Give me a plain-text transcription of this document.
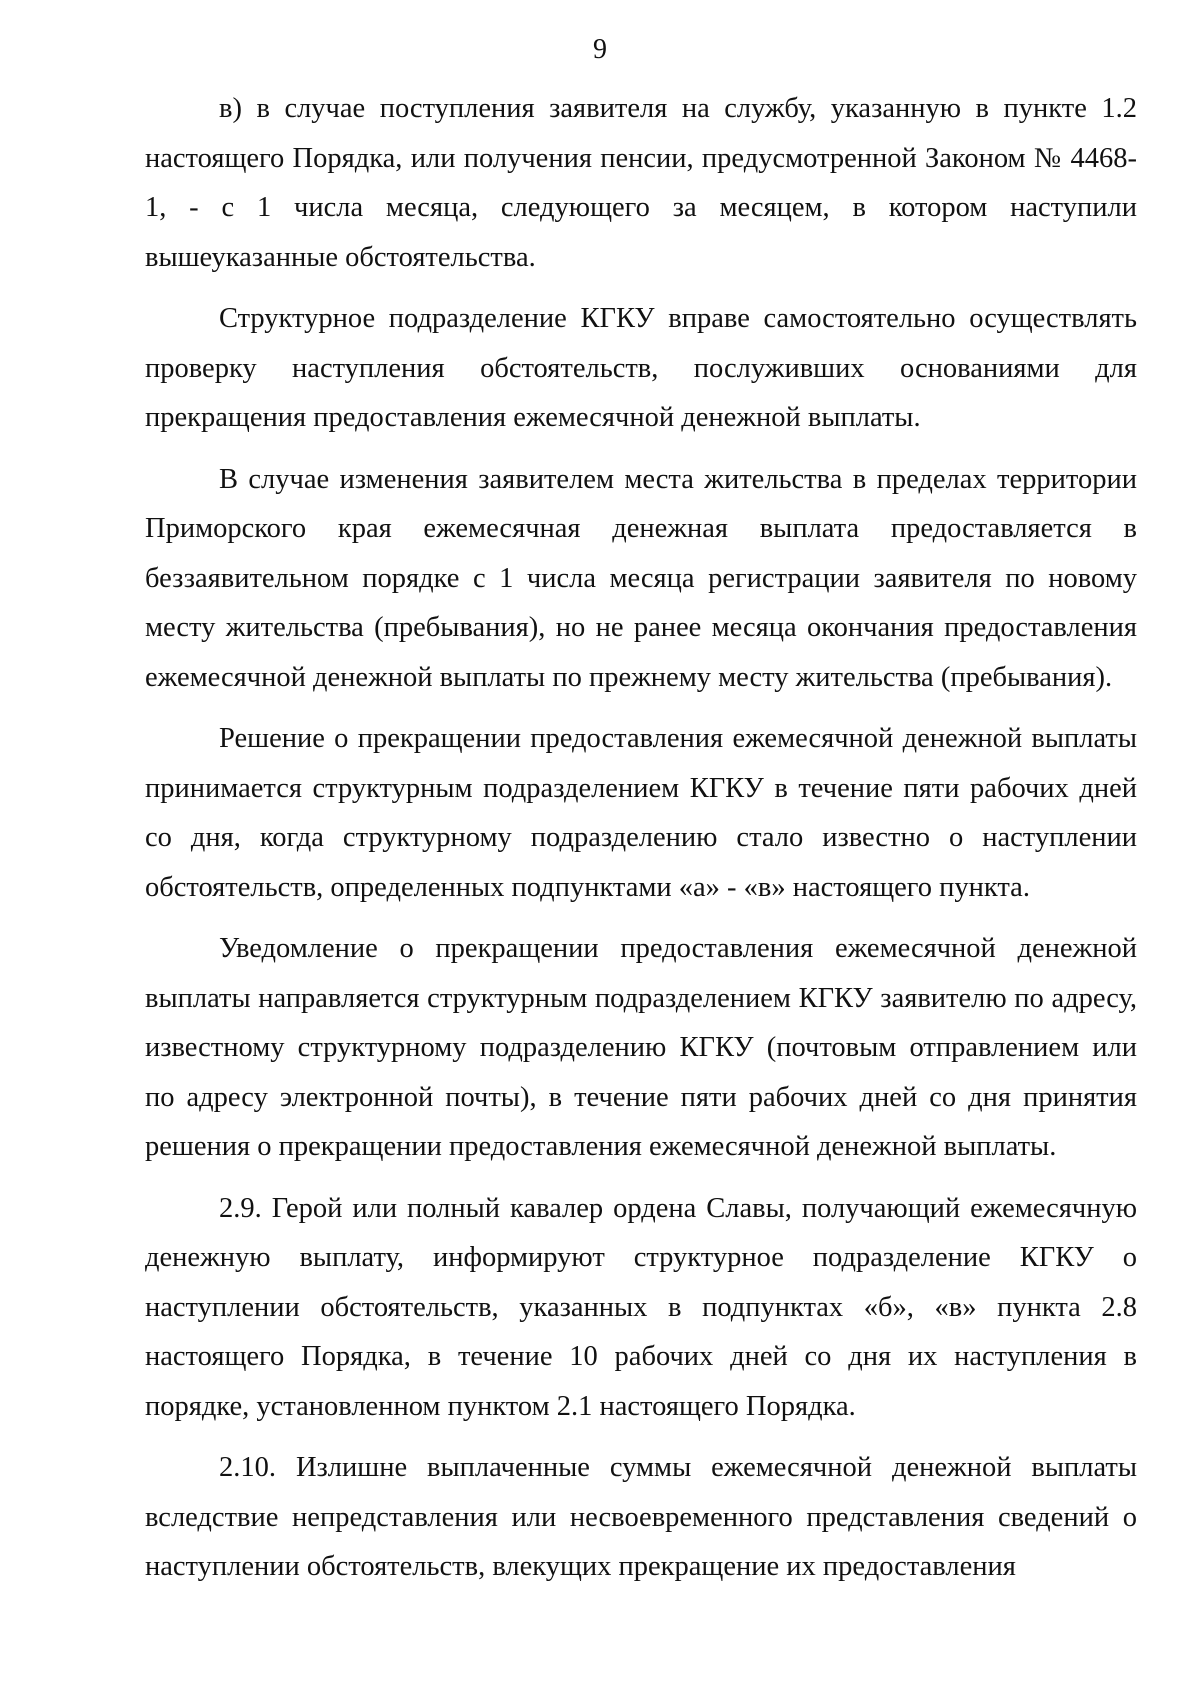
9

в) в случае поступления заявителя на службу, указанную в пункте 1.2 настоящего Порядка, или получения пенсии, предусмотренной Законом № 4468-1, - с 1 числа месяца, следующего за месяцем, в котором наступили вышеуказанные обстоятельства.

Структурное подразделение КГКУ вправе самостоятельно осуществлять проверку наступления обстоятельств, послуживших основаниями для прекращения предоставления ежемесячной денежной выплаты.

В случае изменения заявителем места жительства в пределах территории Приморского края ежемесячная денежная выплата предоставляется в беззаявительном порядке с 1 числа месяца регистрации заявителя по новому месту жительства (пребывания), но не ранее месяца окончания предоставления ежемесячной денежной выплаты по прежнему месту жительства (пребывания).

Решение о прекращении предоставления ежемесячной денежной выплаты принимается структурным подразделением КГКУ в течение пяти рабочих дней со дня, когда структурному подразделению стало известно о наступлении обстоятельств, определенных подпунктами «а» - «в» настоящего пункта.

Уведомление о прекращении предоставления ежемесячной денежной выплаты направляется структурным подразделением КГКУ заявителю по адресу, известному структурному подразделению КГКУ (почтовым отправлением или по адресу электронной почты), в течение пяти рабочих дней со дня принятия решения о прекращении предоставления ежемесячной денежной выплаты.

2.9. Герой или полный кавалер ордена Славы, получающий ежемесячную денежную выплату, информируют структурное подразделение КГКУ о наступлении обстоятельств, указанных в подпунктах «б», «в» пункта 2.8 настоящего Порядка, в течение 10 рабочих дней со дня их наступления в порядке, установленном пунктом 2.1 настоящего Порядка.

2.10. Излишне выплаченные суммы ежемесячной денежной выплаты вследствие непредставления или несвоевременного представления сведений о наступлении обстоятельств, влекущих прекращение их предоставления
